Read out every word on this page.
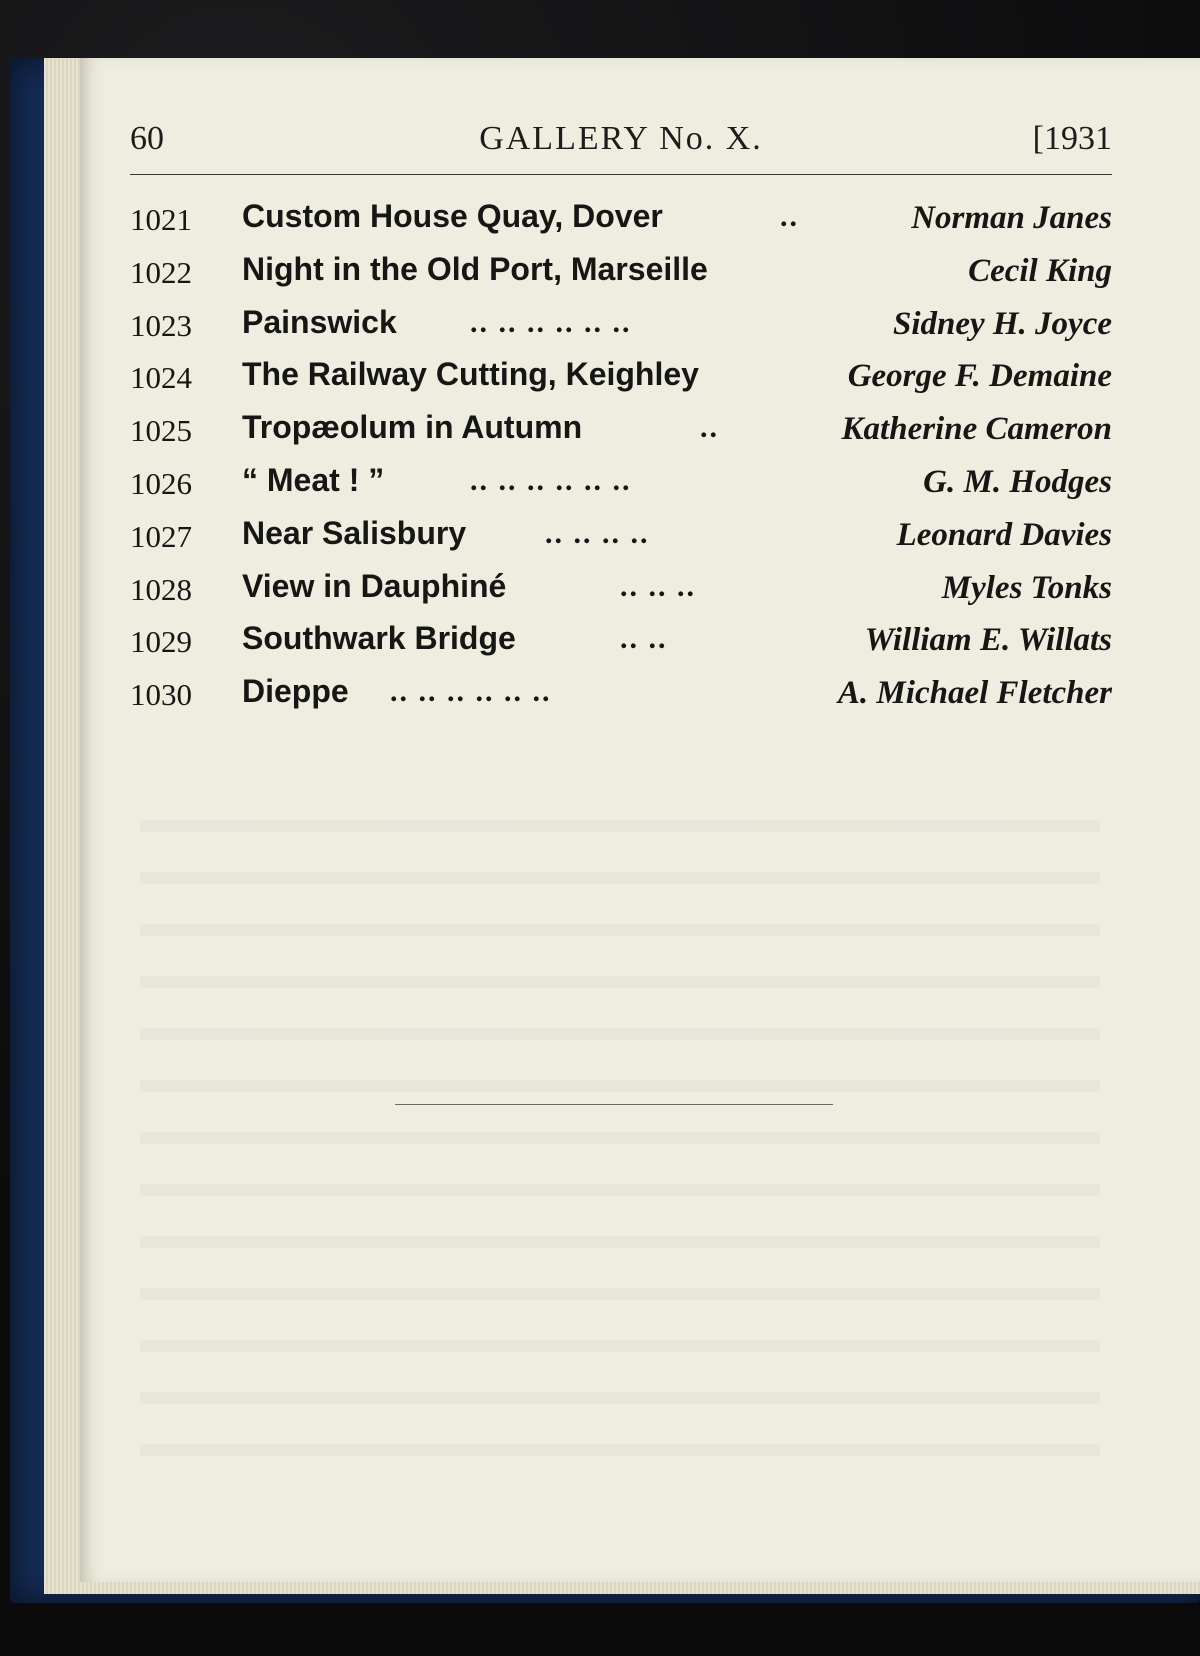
60	GALLERY No. X.	[1931
1021 Custom House Quay, Dover	..	Norman Janes
1022 Night in the Old Port, Marseille	Cecil King
1023 Painswick .. .. .. .. .. ..	Sidney H. Joyce
1024 The Railway Cutting, Keighley	George F. Demaine
1025 Tropæolum in Autumn	..	Katherine Cameron
1026 “ Meat ! ”	.. .. .. .. .. ..	G. M. Hodges
1027 Near Salisbury	.. .. .. ..	Leonard Davies
1028 View in Dauphiné	.. .. ..	Myles Tonks
1029 Southwark Bridge	.. ..	William E. Willats
1030 Dieppe .. .. .. .. .. ..	A. Michael Fletcher
